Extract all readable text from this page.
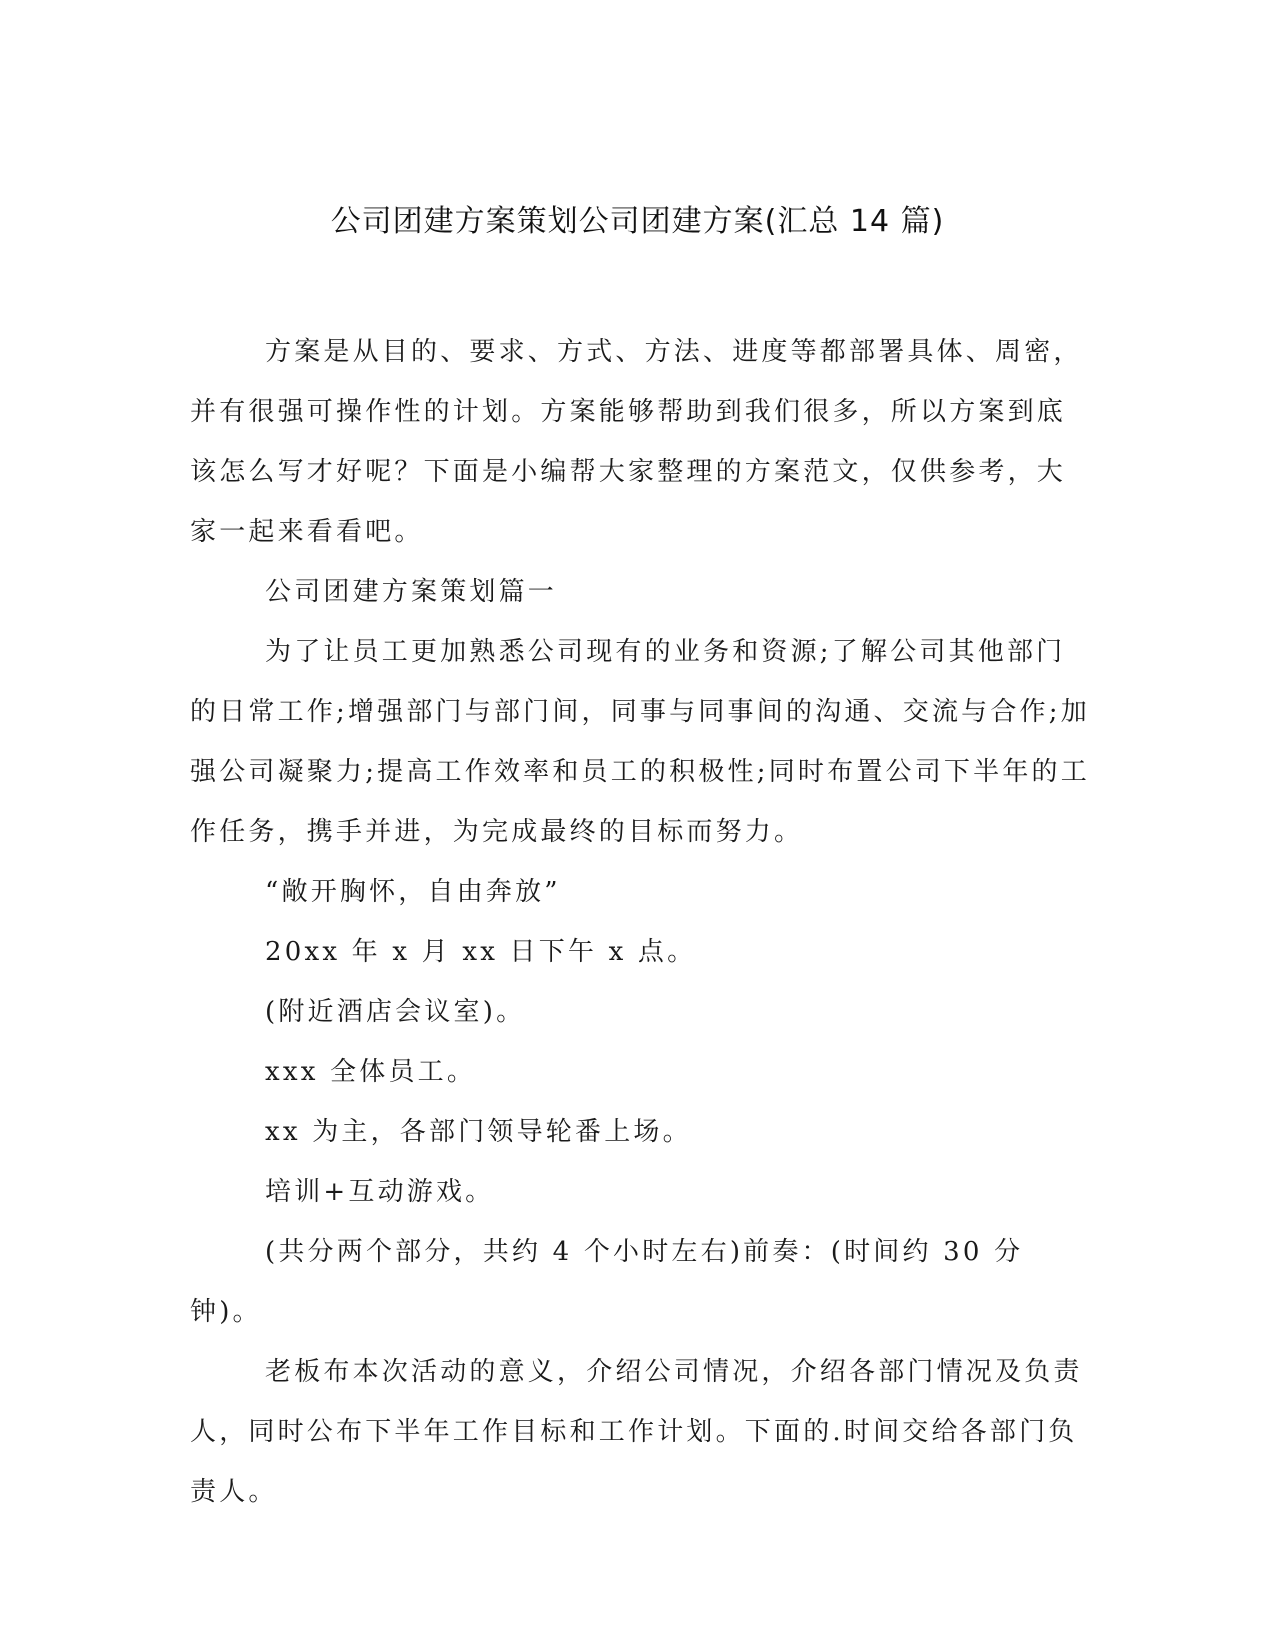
公司团建方案策划公司团建方案(汇总 14 篇)

方案是从目的、要求、方式、方法、进度等都部署具体、周密，并有很强可操作性的计划。方案能够帮助到我们很多，所以方案到底该怎么写才好呢？下面是小编帮大家整理的方案范文，仅供参考，大家一起来看看吧。

公司团建方案策划篇一

为了让员工更加熟悉公司现有的业务和资源;了解公司其他部门的日常工作;增强部门与部门间，同事与同事间的沟通、交流与合作;加强公司凝聚力;提高工作效率和员工的积极性;同时布置公司下半年的工作任务，携手并进，为完成最终的目标而努力。

“敞开胸怀，自由奔放”

20xx 年 x 月 xx 日下午 x 点。

(附近酒店会议室)。

xxx 全体员工。

xx 为主，各部门领导轮番上场。

培训+互动游戏。

(共分两个部分，共约 4 个小时左右)前奏：(时间约 30 分钟)。

老板布本次活动的意义，介绍公司情况，介绍各部门情况及负责人，同时公布下半年工作目标和工作计划。下面的.时间交给各部门负责人。
